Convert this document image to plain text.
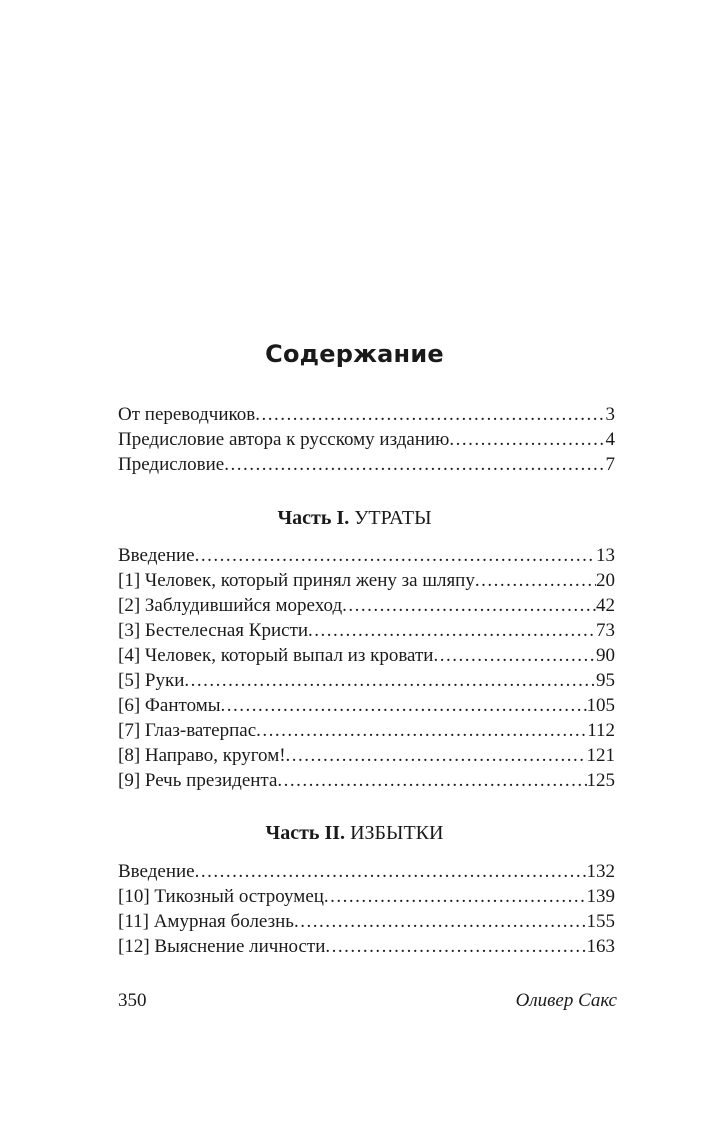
Содержание
От переводчиков .....	3
Предисловие автора к русскому изданию .....	4
Предисловие .....	7
Часть I. УТРАТЫ
Введение .....	13
[1] Человек, который принял жену за шляпу .....	20
[2] Заблудившийся мореход .....	42
[3] Бестелесная Кристи .....	73
[4] Человек, который выпал из кровати .....	90
[5] Руки .....	95
[6] Фантомы .....	105
[7] Глаз-ватерпас .....	112
[8] Направо, кругом! .....	121
[9] Речь президента .....	125
Часть II. ИЗБЫТКИ
Введение .....	132
[10] Тикозный остроумец .....	139
[11] Амурная болезнь .....	155
[12] Выяснение личности .....	163
350	Оливер Сакс
